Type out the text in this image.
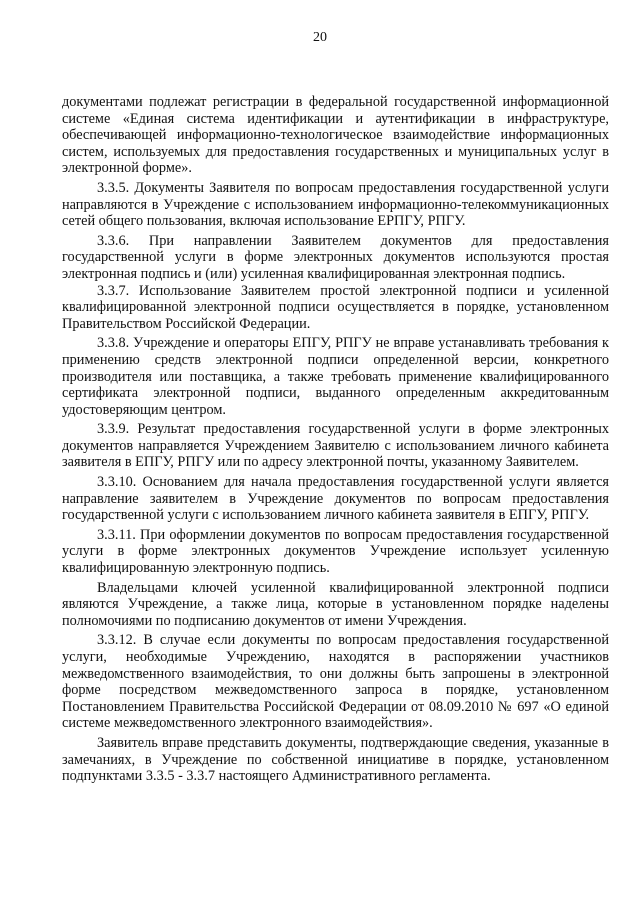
20

документами подлежат регистрации в федеральной государственной информационной системе «Единая система идентификации и аутентификации в инфраструктуре, обеспечивающей информационно-технологическое взаимодействие информационных систем, используемых для предоставления государственных и муниципальных услуг в электронной форме».

3.3.5. Документы Заявителя по вопросам предоставления государственной услуги направляются в Учреждение с использованием информационно-телекоммуникационных сетей общего пользования, включая использование ЕРПГУ, РПГУ.

3.3.6. При направлении Заявителем документов для предоставления государственной услуги в форме электронных документов используются простая электронная подпись и (или) усиленная квалифицированная электронная подпись.

3.3.7. Использование Заявителем простой электронной подписи и усиленной квалифицированной электронной подписи осуществляется в порядке, установленном Правительством Российской Федерации.

3.3.8. Учреждение и операторы ЕПГУ, РПГУ не вправе устанавливать требования к применению средств электронной подписи определенной версии, конкретного производителя или поставщика, а также требовать применение квалифицированного сертификата электронной подписи, выданного определенным аккредитованным удостоверяющим центром.

3.3.9. Результат предоставления государственной услуги в форме электронных документов направляется Учреждением Заявителю с использованием личного кабинета заявителя в ЕПГУ, РПГУ или по адресу электронной почты, указанному Заявителем.

3.3.10. Основанием для начала предоставления государственной услуги является направление заявителем в Учреждение документов по вопросам предоставления государственной услуги с использованием личного кабинета заявителя в ЕПГУ, РПГУ.

3.3.11. При оформлении документов по вопросам предоставления государственной услуги в форме электронных документов Учреждение использует усиленную квалифицированную электронную подпись.

Владельцами ключей усиленной квалифицированной электронной подписи являются Учреждение, а также лица, которые в установленном порядке наделены полномочиями по подписанию документов от имени Учреждения.

3.3.12. В случае если документы по вопросам предоставления государственной услуги, необходимые Учреждению, находятся в распоряжении участников межведомственного взаимодействия, то они должны быть запрошены в электронной форме посредством межведомственного запроса в порядке, установленном Постановлением Правительства Российской Федерации от 08.09.2010 № 697 «О единой системе межведомственного электронного взаимодействия».

Заявитель вправе представить документы, подтверждающие сведения, указанные в замечаниях, в Учреждение по собственной инициативе в порядке, установленном подпунктами 3.3.5 - 3.3.7 настоящего Административного регламента.
